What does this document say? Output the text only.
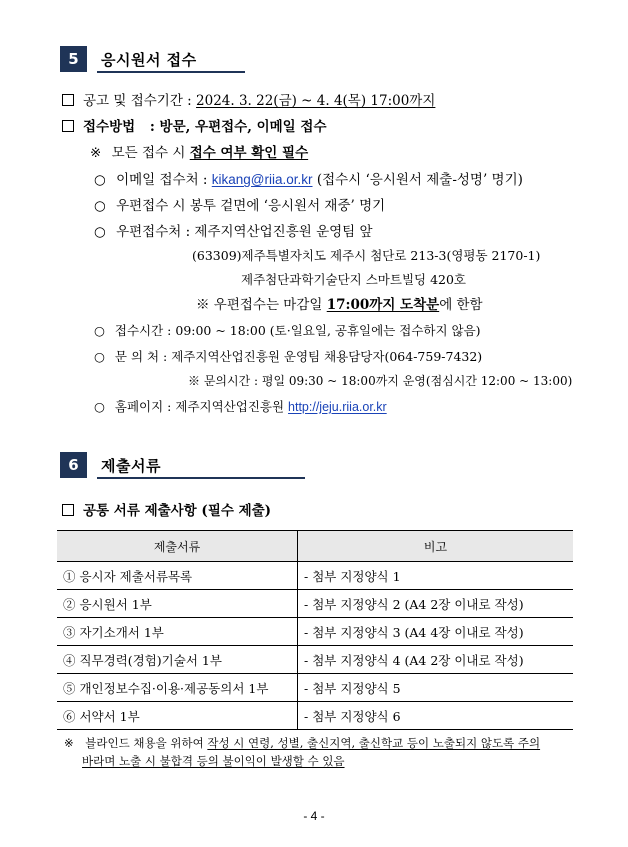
5	응시원서 접수
공고 및 접수기간 : 2024. 3. 22(금) ~ 4. 4(목) 17:00까지
접수방법 : 방문, 우편접수, 이메일 접수
※ 모든 접수 시 접수 여부 확인 필수
○ 이메일 접수처 : kikang@riia.or.kr (접수시 ‘응시원서 제출-성명’ 명기)
○ 우편접수 시 봉투 겉면에 ‘응시원서 재중’ 명기
○ 우편접수처 : 제주지역산업진흥원 운영팀 앞
(63309)제주특별자치도 제주시 첨단로 213-3(영평동 2170-1)
제주첨단과학기술단지 스마트빌딩 420호
※ 우편접수는 마감일 17:00까지 도착분에 한함
○ 접수시간 : 09:00 ~ 18:00 (토·일요일, 공휴일에는 접수하지 않음)
○ 문 의 처 : 제주지역산업진흥원 운영팀 채용담당자(064-759-7432)
※ 문의시간 : 평일 09:30 ~ 18:00까지 운영(점심시간 12:00 ~ 13:00)
○ 홈페이지 : 제주지역산업진흥원 http://jeju.riia.or.kr
6	제출서류
공통 서류 제출사항 (필수 제출)
제출서류	비고
① 응시자 제출서류목록	- 첨부 지정양식 1
② 응시원서 1부	- 첨부 지정양식 2 (A4 2장 이내로 작성)
③ 자기소개서 1부	- 첨부 지정양식 3 (A4 4장 이내로 작성)
④ 직무경력(경험)기술서 1부	- 첨부 지정양식 4 (A4 2장 이내로 작성)
⑤ 개인정보수집·이용·제공동의서 1부	- 첨부 지정양식 5
⑥ 서약서 1부	- 첨부 지정양식 6
※ 블라인드 채용을 위하여 작성 시 연령, 성별, 출신지역, 출신학교 등이 노출되지 않도록 주의
바라며 노출 시 불합격 등의 불이익이 발생할 수 있음
- 4 -
